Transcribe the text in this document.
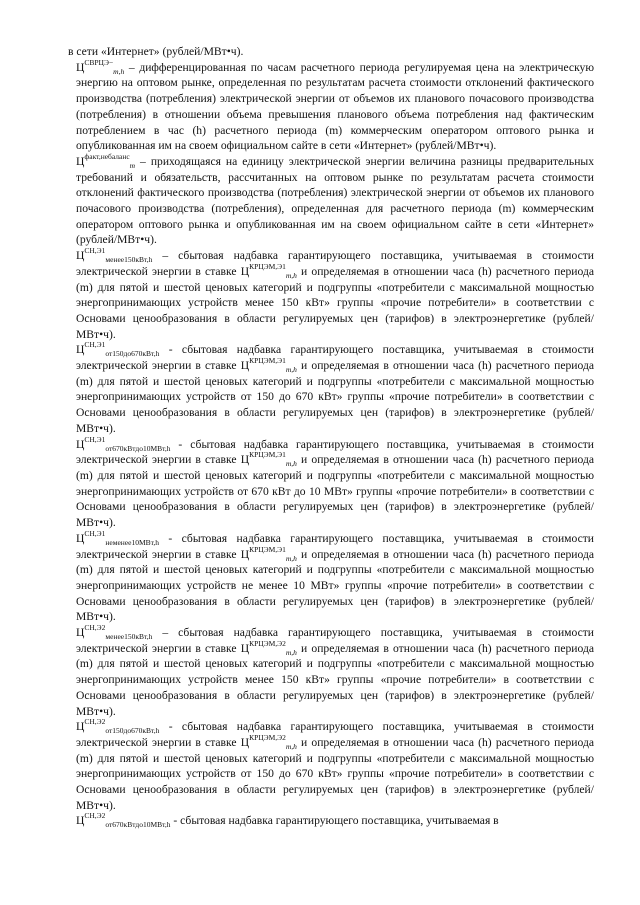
в сети «Интернет» (рублей/МВт•ч).

$Ц^{СВРЦЭ-}_{m,h}$ – дифференцированная по часам расчетного периода регулируемая цена на электрическую энергию на оптовом рынке, определенная по результатам расчета стоимости отклонений фактического производства (потребления) электрической энергии от объемов их планового почасового производства (потребления) в отношении объема превышения планового объема потребления над фактическим потреблением в час (h) расчетного периода (m) коммерческим оператором оптового рынка и опубликованная им на своем официальном сайте в сети «Интернет» (рублей/МВт•ч).

$Ц^{факт,небаланс}_m$ – приходящаяся на единицу электрической энергии величина разницы предварительных требований и обязательств, рассчитанных на оптовом рынке по результатам расчета стоимости отклонений фактического производства (потребления) электрической энергии от объемов их планового почасового производства (потребления), определенная для расчетного периода (m) коммерческим оператором оптового рынка и опубликованная им на своем официальном сайте в сети «Интернет» (рублей/МВт•ч).

$Ц^{СН,Э1}_{менее150кВт,h}$ – сбытовая надбавка гарантирующего поставщика, учитываемая в стоимости электрической энергии в ставке $Ц^{КРЦЭМ,Э1}_{m,h}$ и определяемая в отношении часа (h) расчетного периода (m) для пятой и шестой ценовых категорий и подгруппы «потребители с максимальной мощностью энергопринимающих устройств менее 150 кВт» группы «прочие потребители» в соответствии с Основами ценообразования в области регулируемых цен (тарифов) в электроэнергетике (рублей/МВт•ч).

$Ц^{СН,Э1}_{от150до670кВт,h}$ - сбытовая надбавка гарантирующего поставщика, учитываемая в стоимости электрической энергии в ставке $Ц^{КРЦЭМ,Э1}_{m,h}$ и определяемая в отношении часа (h) расчетного периода (m) для пятой и шестой ценовых категорий и подгруппы «потребители с максимальной мощностью энергопринимающих устройств от 150 до 670 кВт» группы «прочие потребители» в соответствии с Основами ценообразования в области регулируемых цен (тарифов) в электроэнергетике (рублей/МВт•ч).

$Ц^{СН,Э1}_{от670кВтдо10МВт,h}$ - сбытовая надбавка гарантирующего поставщика, учитываемая в стоимости электрической энергии в ставке $Ц^{КРЦЭМ,Э1}_{m,h}$ и определяемая в отношении часа (h) расчетного периода (m) для пятой и шестой ценовых категорий и подгруппы «потребители с максимальной мощностью энергопринимающих устройств от 670 кВт до 10 МВт» группы «прочие потребители» в соответствии с Основами ценообразования в области регулируемых цен (тарифов) в электроэнергетике (рублей/МВт•ч).

$Ц^{СН,Э1}_{неменее10МВт,h}$ - сбытовая надбавка гарантирующего поставщика, учитываемая в стоимости электрической энергии в ставке $Ц^{КРЦЭМ,Э1}_{m,h}$ и определяемая в отношении часа (h) расчетного периода (m) для пятой и шестой ценовых категорий и подгруппы «потребители с максимальной мощностью энергопринимающих устройств не менее 10 МВт» группы «прочие потребители» в соответствии с Основами ценообразования в области регулируемых цен (тарифов) в электроэнергетике (рублей/МВт•ч).

$Ц^{СН,Э2}_{менее150кВт,h}$ – сбытовая надбавка гарантирующего поставщика, учитываемая в стоимости электрической энергии в ставке $Ц^{КРЦЭМ,Э2}_{m,h}$ и определяемая в отношении часа (h) расчетного периода (m) для пятой и шестой ценовых категорий и подгруппы «потребители с максимальной мощностью энергопринимающих устройств менее 150 кВт» группы «прочие потребители» в соответствии с Основами ценообразования в области регулируемых цен (тарифов) в электроэнергетике (рублей/МВт•ч).

$Ц^{СН,Э2}_{от150до670кВт,h}$ - сбытовая надбавка гарантирующего поставщика, учитываемая в стоимости электрической энергии в ставке $Ц^{КРЦЭМ,Э2}_{m,h}$ и определяемая в отношении часа (h) расчетного периода (m) для пятой и шестой ценовых категорий и подгруппы «потребители с максимальной мощностью энергопринимающих устройств от 150 до 670 кВт» группы «прочие потребители» в соответствии с Основами ценообразования в области регулируемых цен (тарифов) в электроэнергетике (рублей/МВт•ч).

$Ц^{СН,Э2}_{от670кВтдо10МВт,h}$ - сбытовая надбавка гарантирующего поставщика, учитываемая в
